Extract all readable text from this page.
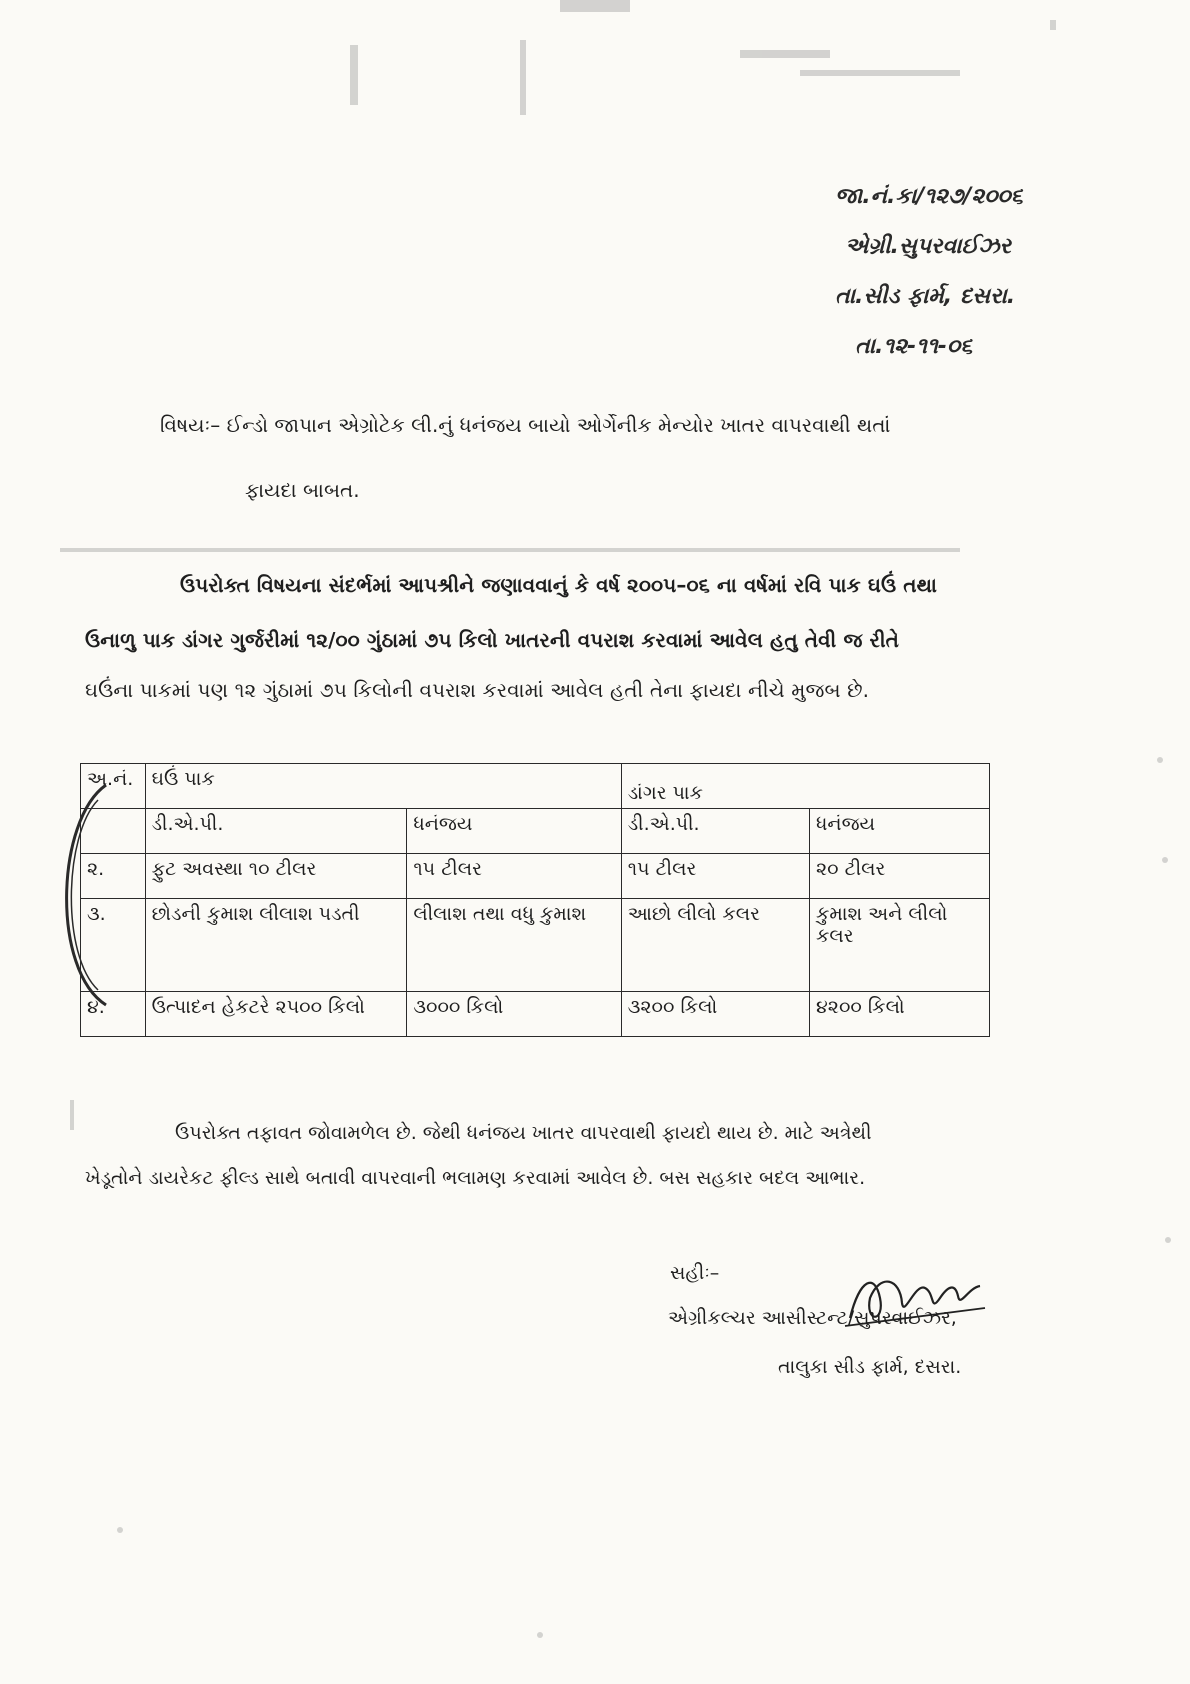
જા.નં.કા/૧૨૭/૨૦૦૬
એગ્રી.સુપરવાઈઝર
તા.સીડ ફાર્મ, દસરા.
તા.૧૨-૧૧-૦૬
વિષયઃ– ઈન્ડો જાપાન એગ્રોટેક લી.નું ધનંજય બાયો ઓર્ગેનીક મેન્યોર ખાતર વાપરવાથી થતાં
ફાયદા બાબત.
ઉપરોક્ત વિષયના સંદર્ભમાં આપશ્રીને જણાવવાનું કે વર્ષ ૨૦૦૫–૦૬ ના વર્ષમાં રવિ પાક ઘઉં તથા
ઉનાળુ પાક ડાંગર ગુર્જરીમાં ૧૨/૦૦ ગુંઠામાં ૭૫ કિલો ખાતરની વપરાશ કરવામાં આવેલ હતુ તેવી જ રીતે
ઘઉંના પાકમાં પણ ૧૨ ગુંઠામાં ૭૫ કિલોની વપરાશ કરવામાં આવેલ હતી તેના ફાયદા નીચે મુજબ છે.
અ.નં.	ઘઉં પાક		ડાંગર પાક	
	ડી.એ.પી.	ધનંજય	ડી.એ.પી.	ધનંજય
૨.	ફુટ અવસ્થા ૧૦ ટીલર	૧૫ ટીલર	૧૫ ટીલર	૨૦ ટીલર
૩.	છોડની કુમાશ લીલાશ પડતી	લીલાશ તથા વધુ કુમાશ	આછો લીલો કલર	કુમાશ અને લીલો કલર
૪.	ઉત્પાદન હેકટરે ૨૫૦૦ કિલો	૩૦૦૦ કિલો	૩૨૦૦ કિલો	૪૨૦૦ કિલો
ઉપરોક્ત તફાવત જોવામળેલ છે. જેથી ધનંજય ખાતર વાપરવાથી ફાયદો થાય છે. માટે અત્રેથી
ખેડૂતોને ડાયરેકટ ફીલ્ડ સાથે બતાવી વાપરવાની ભલામણ કરવામાં આવેલ છે. બસ સહકાર બદલ આભાર.
સહીઃ–
એગ્રીકલ્ચર આસીસ્ટન્ટ/સુપરવાઈઝર,
તાલુકા સીડ ફાર્મ, દસરા.
